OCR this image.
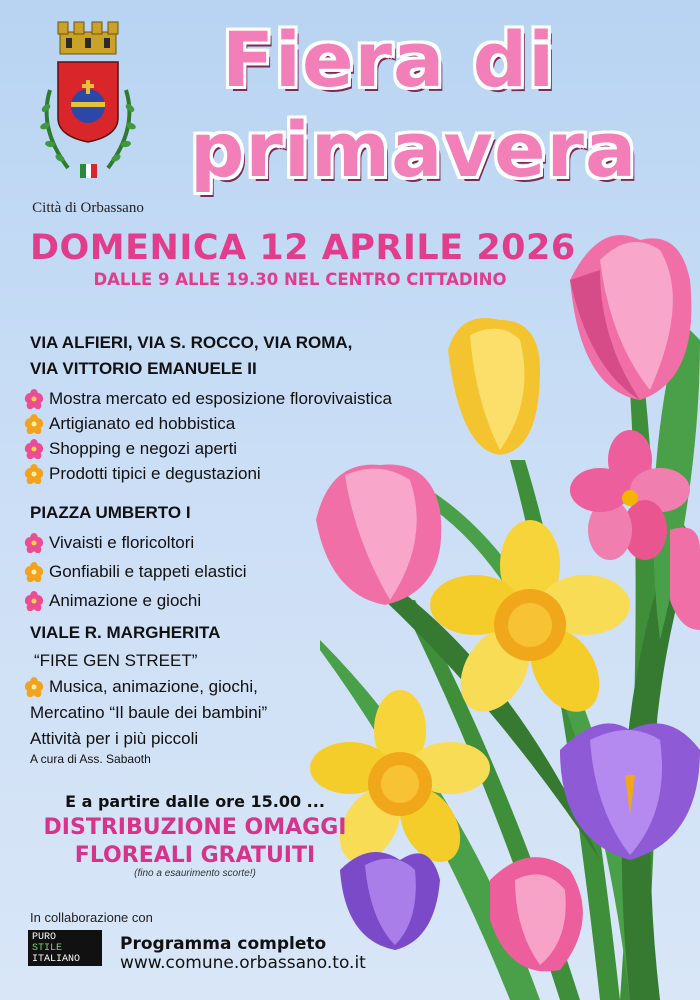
Città di Orbassano
Fiera di
primavera
DOMENICA 12 APRILE 2026
DALLE 9 ALLE 19.30 NEL CENTRO CITTADINO
VIA ALFIERI, VIA S. ROCCO, VIA ROMA,
VIA VITTORIO EMANUELE II
Mostra mercato ed esposizione florovivaistica
Artigianato ed hobbistica
Shopping e negozi aperti
Prodotti tipici e degustazioni
PIAZZA UMBERTO I
Vivaisti e floricoltori
Gonfiabili e tappeti elastici
Animazione e giochi
VIALE R. MARGHERITA
“FIRE GEN STREET”
Musica, animazione, giochi,
Mercatino “Il baule dei bambini”
Attività per i più piccoli
A cura di Ass. Sabaoth
E a partire dalle ore 15.00 ...
DISTRIBUZIONE OMAGGI
FLOREALI GRATUITI
(fino a esaurimento scorte!)
In collaborazione con
PURO
STILE
ITALIANO
Programma completo
www.comune.orbassano.to.it
